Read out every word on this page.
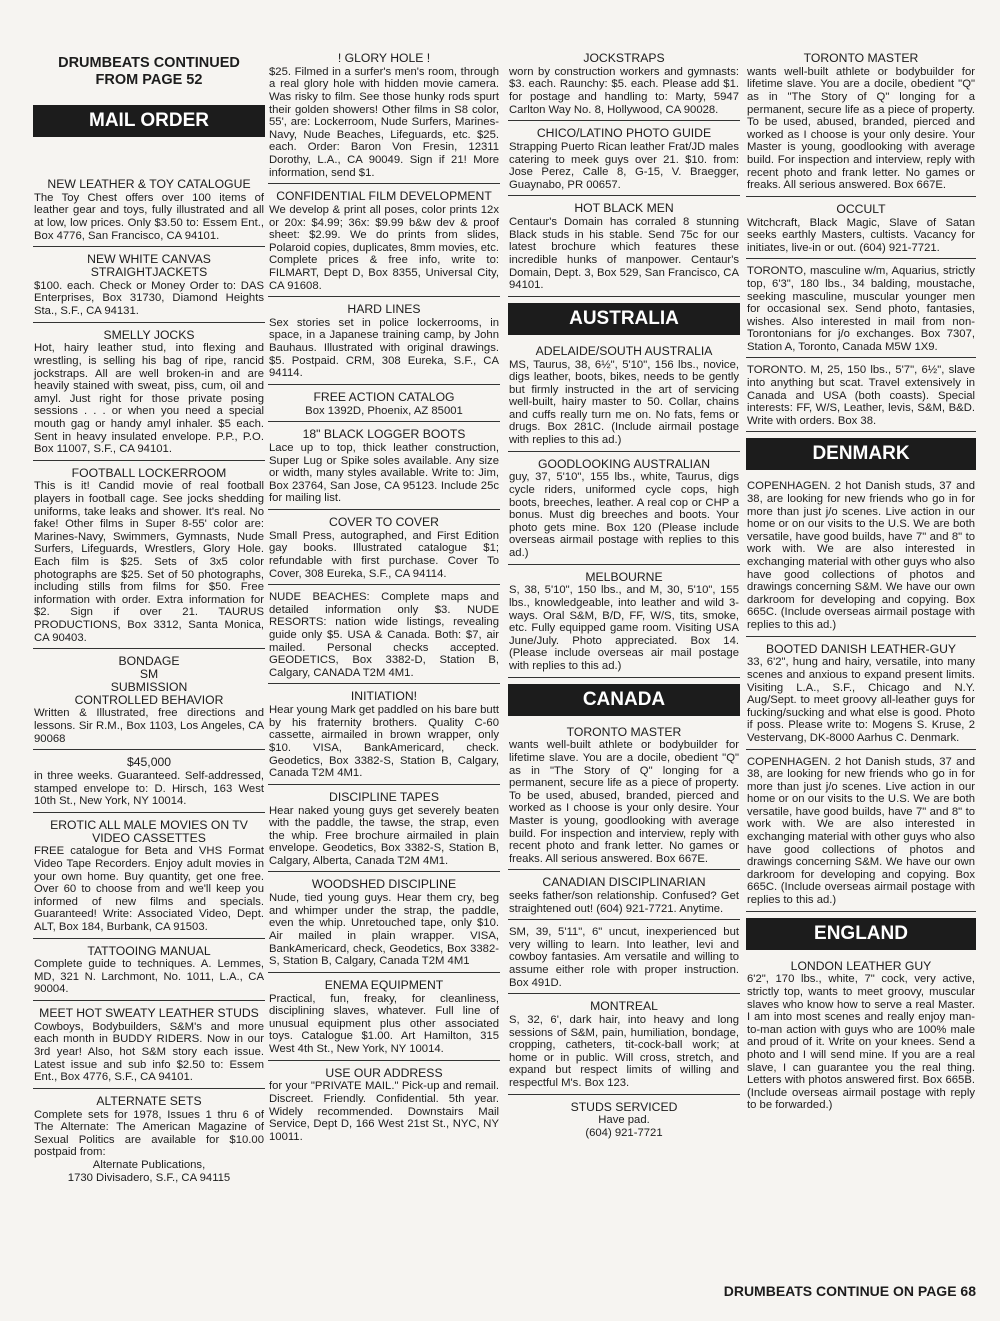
DRUMBEATS CONTINUED
FROM PAGE 52
MAIL ORDER
NEW LEATHER & TOY CATALOGUE
The Toy Chest offers over 100 items of leather gear and toys, fully illustrated and all at low, low prices. Only $3.50 to: Essem Ent., Box 4776, San Francisco, CA 94101.
NEW WHITE CANVAS STRAIGHTJACKETS
$100. each. Check or Money Order to: DAS Enterprises, Box 31730, Diamond Heights Sta., S.F., CA 94131.
SMELLY JOCKS
Hot, hairy leather stud, into flexing and wrestling, is selling his bag of ripe, rancid jockstraps. All are well broken-in and are heavily stained with sweat, piss, cum, oil and amyl. Just right for those private posing sessions . . . or when you need a special mouth gag or handy amyl inhaler. $5 each. Sent in heavy insulated envelope. P.P., P.O. Box 11007, S.F., CA 94101.
FOOTBALL LOCKERROOM
This is it! Candid movie of real football players in football cage. See jocks shedding uniforms, take leaks and shower. It's real. No fake! Other films in Super 8-55' color are: Marines-Navy, Swimmers, Gymnasts, Nude Surfers, Lifeguards, Wrestlers, Glory Hole. Each film is $25. Sets of 3x5 color photographs are $25. Set of 50 photographs, including stills from films for $50. Free information with order. Extra information for $2. Sign if over 21. TAURUS PRODUCTIONS, Box 3312, Santa Monica, CA 90403.
BONDAGE
SM
SUBMISSION
CONTROLLED BEHAVIOR
Written & Illustrated, free directions and lessons. Sir R.M., Box 1103, Los Angeles, CA 90068
$45,000
in three weeks. Guaranteed. Self-addressed, stamped envelope to: D. Hirsch, 163 West 10th St., New York, NY 10014.
EROTIC ALL MALE MOVIES ON TV VIDEO CASSETTES
FREE catalogue for Beta and VHS Format Video Tape Recorders. Enjoy adult movies in your own home. Buy quantity, get one free. Over 60 to choose from and we'll keep you informed of new films and specials. Guaranteed! Write: Associated Video, Dept. ALT, Box 184, Burbank, CA 91503.
TATTOOING MANUAL
Complete guide to techniques. A. Lemmes, MD, 321 N. Larchmont, No. 1011, L.A., CA 90004.
MEET HOT SWEATY LEATHER STUDS
Cowboys, Bodybuilders, S&M's and more each month in BUDDY RIDERS. Now in our 3rd year! Also, hot S&M story each issue. Latest issue and sub info $2.50 to: Essem Ent., Box 4776, S.F., CA 94101.
ALTERNATE SETS
Complete sets for 1978, Issues 1 thru 6 of The Alternate: The American Magazine of Sexual Politics are available for $10.00 postpaid from:
Alternate Publications,
1730 Divisadero, S.F., CA 94115
! GLORY HOLE !
$25. Filmed in a surfer's men's room, through a real glory hole with hidden movie camera. Was risky to film. See those hunky rods spurt their golden showers! Other films in S8 color, 55', are: Lockerroom, Nude Surfers, Marines-Navy, Nude Beaches, Lifeguards, etc. $25. each. Order: Baron Von Fresin, 12311 Dorothy, L.A., CA 90049. Sign if 21! More information, send $1.
CONFIDENTIAL FILM DEVELOPMENT
We develop & print all poses, color prints 12x or 20x: $4.99; 36x: $9.99 b&w dev & proof sheet: $2.99. We do prints from slides, Polaroid copies, duplicates, 8mm movies, etc. Complete prices & free info, write to: FILMART, Dept D, Box 8355, Universal City, CA 91608.
HARD LINES
Sex stories set in police lockerrooms, in space, in a Japanese training camp, by John Bauhaus. Illustrated with original drawings. $5. Postpaid. CRM, 308 Eureka, S.F., CA 94114.
FREE ACTION CATALOG
Box 1392D, Phoenix, AZ 85001
18" BLACK LOGGER BOOTS
Lace up to top, thick leather construction, Super Lug or Spike soles available. Any size or width, many styles available. Write to: Jim, Box 23764, San Jose, CA 95123. Include 25c for mailing list.
COVER TO COVER
Small Press, autographed, and First Edition gay books. Illustrated catalogue $1; refundable with first purchase. Cover To Cover, 308 Eureka, S.F., CA 94114.
NUDE BEACHES: Complete maps and detailed information only $3. NUDE RESORTS: nation wide listings, revealing guide only $5. USA & Canada. Both: $7, air mailed. Personal checks accepted. GEODETICS, Box 3382-D, Station B, Calgary, CANADA T2M 4M1.
INITIATION!
Hear young Mark get paddled on his bare butt by his fraternity brothers. Quality C-60 cassette, airmailed in brown wrapper, only $10. VISA, BankAmericard, check. Geodetics, Box 3382-S, Station B, Calgary, Canada T2M 4M1.
DISCIPLINE TAPES
Hear naked young guys get severely beaten with the paddle, the tawse, the strap, even the whip. Free brochure airmailed in plain envelope. Geodetics, Box 3382-S, Station B, Calgary, Alberta, Canada T2M 4M1.
WOODSHED DISCIPLINE
Nude, tied young guys. Hear them cry, beg and whimper under the strap, the paddle, even the whip. Unretouched tape, only $10. Air mailed in plain wrapper. VISA, BankAmericard, check, Geodetics, Box 3382-S, Station B, Calgary, Canada T2M 4M1
ENEMA EQUIPMENT
Practical, fun, freaky, for cleanliness, disciplining slaves, whatever. Full line of unusual equipment plus other associated toys. Catalogue $1.00. Art Hamilton, 315 West 4th St., New York, NY 10014.
USE OUR ADDRESS
for your "PRIVATE MAIL." Pick-up and remail. Discreet. Friendly. Confidential. 5th year. Widely recommended. Downstairs Mail Service, Dept D, 166 West 21st St., NYC, NY 10011.
JOCKSTRAPS
worn by construction workers and gymnasts: $3. each. Raunchy: $5. each. Please add $1. for postage and handling to: Marty, 5947 Carlton Way No. 8, Hollywood, CA 90028.
CHICO/LATINO PHOTO GUIDE
Strapping Puerto Rican leather Frat/JD males catering to meek guys over 21. $10. from: Jose Perez, Calle 8, G-15, V. Braegger, Guaynabo, PR 00657.
HOT BLACK MEN
Centaur's Domain has corraled 8 stunning Black studs in his stable. Send 75c for our latest brochure which features these incredible hunks of manpower. Centaur's Domain, Dept. 3, Box 529, San Francisco, CA 94101.
AUSTRALIA
ADELAIDE/SOUTH AUSTRALIA
MS, Taurus, 38, 6½", 5'10", 156 lbs., novice, digs leather, boots, bikes, needs to be gently but firmly instructed in the art of servicing well-built, hairy master to 50. Collar, chains and cuffs really turn me on. No fats, fems or drugs. Box 281C. (Include airmail postage with replies to this ad.)
GOODLOOKING AUSTRALIAN
guy, 37, 5'10", 155 lbs., white, Taurus, digs cycle riders, uniformed cycle cops, high boots, breeches, leather. A real cop or CHP a bonus. Must dig breeches and boots. Your photo gets mine. Box 120 (Please include overseas airmail postage with replies to this ad.)
MELBOURNE
S, 38, 5'10", 150 lbs., and M, 30, 5'10", 155 lbs., knowledgeable, into leather and wild 3-ways. Oral S&M, B/D, FF, W/S, tits, smoke, etc. Fully equipped game room. Visiting USA June/July. Photo appreciated. Box 14. (Please include overseas air mail postage with replies to this ad.)
CANADA
TORONTO MASTER
wants well-built athlete or bodybuilder for lifetime slave. You are a docile, obedient "Q" as in "The Story of Q" longing for a permanent, secure life as a piece of property. To be used, abused, branded, pierced and worked as I choose is your only desire. Your Master is young, goodlooking with average build. For inspection and interview, reply with recent photo and frank letter. No games or freaks. All serious answered. Box 667E.
CANADIAN DISCIPLINARIAN
seeks father/son relationship. Confused? Get straightened out! (604) 921-7721. Anytime.
SM, 39, 5'11", 6" uncut, inexperienced but very willing to learn. Into leather, levi and cowboy fantasies. Am versatile and willing to assume either role with proper instruction. Box 491D.
MONTREAL
S, 32, 6', dark hair, into heavy and long sessions of S&M, pain, humiliation, bondage, cropping, catheters, tit-cock-ball work; at home or in public. Will cross, stretch, and expand but respect limits of willing and respectful M's. Box 123.
STUDS SERVICED
Have pad.
(604) 921-7721
TORONTO MASTER
wants well-built athlete or bodybuilder for lifetime slave. You are a docile, obedient "Q" as in "The Story of Q" longing for a permanent, secure life as a piece of property. To be used, abused, branded, pierced and worked as I choose is your only desire. Your Master is young, goodlooking with average build. For inspection and interview, reply with recent photo and frank letter. No games or freaks. All serious answered. Box 667E.
OCCULT
Witchcraft, Black Magic, Slave of Satan seeks earthly Masters, cultists. Vacancy for initiates, live-in or out. (604) 921-7721.
TORONTO, masculine w/m, Aquarius, strictly top, 6'3", 180 lbs., 34 balding, moustache, seeking masculine, muscular younger men for occasional sex. Send photo, fantasies, wishes. Also interested in mail from non-Torontonians for j/o exchanges. Box 7307, Station A, Toronto, Canada M5W 1X9.
TORONTO. M, 25, 150 lbs., 5'7", 6½", slave into anything but scat. Travel extensively in Canada and USA (both coasts). Special interests: FF, W/S, Leather, levis, S&M, B&D. Write with orders. Box 38.
DENMARK
COPENHAGEN. 2 hot Danish studs, 37 and 38, are looking for new friends who go in for more than just j/o scenes. Live action in our home or on our visits to the U.S. We are both versatile, have good builds, have 7" and 8" to work with. We are also interested in exchanging material with other guys who also have good collections of photos and drawings concerning S&M. We have our own darkroom for developing and copying. Box 665C. (Include overseas airmail postage with replies to this ad.)
BOOTED DANISH LEATHER-GUY
33, 6'2", hung and hairy, versatile, into many scenes and anxious to expand present limits. Visiting L.A., S.F., Chicago and N.Y. Aug/Sept. to meet groovy all-leather guys for fucking/sucking and what else is good. Photo if poss. Please write to: Mogens S. Kruse, 2 Vestervang, DK-8000 Aarhus C. Denmark.
COPENHAGEN. 2 hot Danish studs, 37 and 38, are looking for new friends who go in for more than just j/o scenes. Live action in our home or on our visits to the U.S. We are both versatile, have good builds, have 7" and 8" to work with. We are also interested in exchanging material with other guys who also have good collections of photos and drawings concerning S&M. We have our own darkroom for developing and copying. Box 665C. (Include overseas airmail postage with replies to this ad.)
ENGLAND
LONDON LEATHER GUY
6'2", 170 lbs., white, 7" cock, very active, strictly top, wants to meet groovy, muscular slaves who know how to serve a real Master. I am into most scenes and really enjoy man-to-man action with guys who are 100% male and proud of it. Write on your knees. Send a photo and I will send mine. If you are a real slave, I can guarantee you the real thing. Letters with photos answered first. Box 665B. (Include overseas airmail postage with reply to be forwarded.)
DRUMBEATS CONTINUE ON PAGE 68
